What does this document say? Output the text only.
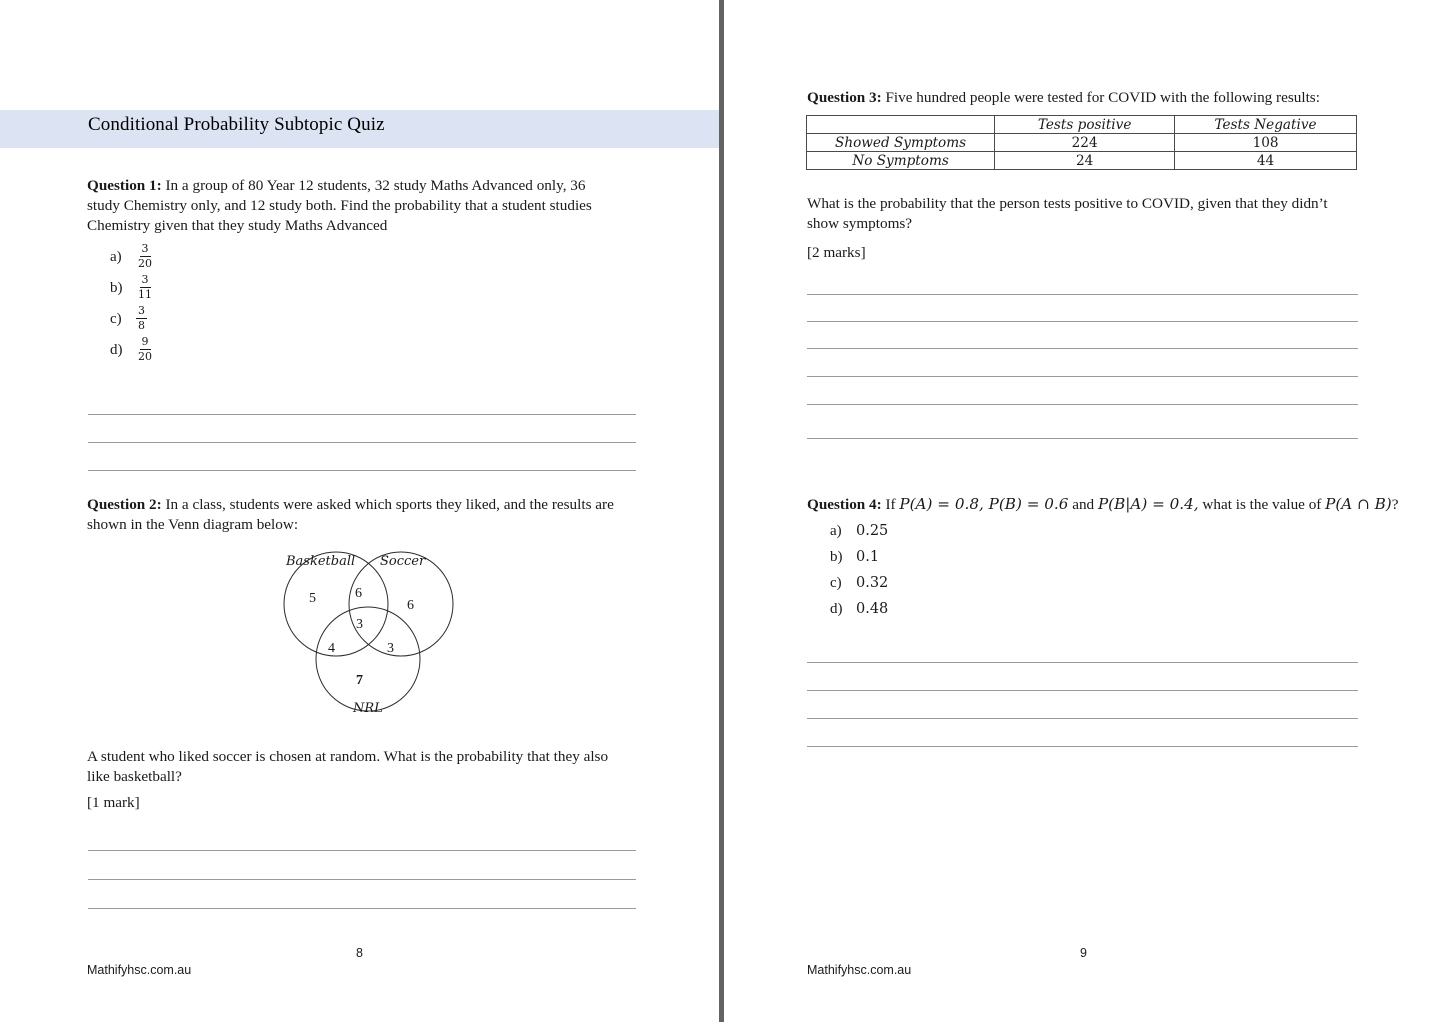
Conditional Probability Subtopic Quiz
Question 1: In a group of 80 Year 12 students, 32 study Maths Advanced only, 36 study Chemistry only, and 12 study both. Find the probability that a student studies Chemistry given that they study Maths Advanced
a)	$\frac{3}{20}$
b)	$\frac{3}{11}$
c)	$\frac{3}{8}$
d)	$\frac{9}{20}$
Question 2: In a class, students were asked which sports they liked, and the results are shown in the Venn diagram below:
Basketball Soccer
NRL
5	6
6
3
4	3
7
A student who liked soccer is chosen at random. What is the probability that they also like basketball?
[1 mark]
8
Mathifyhsc.com.au
Question 3: Five hundred people were tested for COVID with the following results:
	Tests positive	Tests Negative
Showed Symptoms	224	108
No Symptoms	24	44
What is the probability that the person tests positive to COVID, given that they didn’t show symptoms?
[2 marks]
Question 4: If P(A) = 0.8, P(B) = 0.6 and P(B|A) = 0.4, what is the value of P(A ∩ B)?
a) 0.25
b) 0.1
c) 0.32
d) 0.48
9
Mathifyhsc.com.au
